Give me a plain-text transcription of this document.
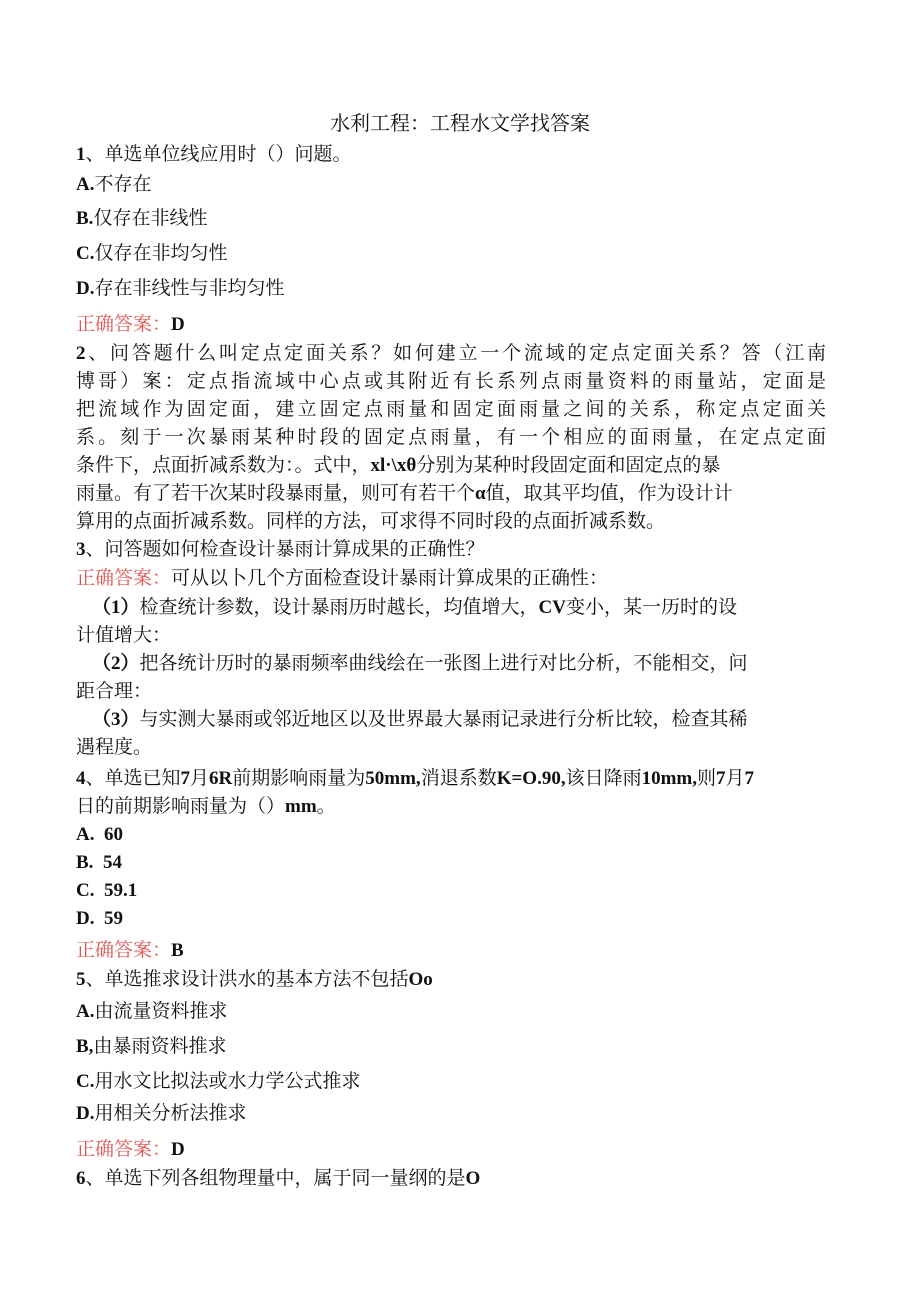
水利工程：工程水文学找答案
1、单选单位线应用时（）问题。
A.不存在
B.仅存在非线性
C.仅存在非均匀性
D.存在非线性与非均匀性
正确答案：D
2、问答题什么叫定点定面关系？如何建立一个流域的定点定面关系？答（江南
博哥）案：定点指流域中心点或其附近有长系列点雨量资料的雨量站，定面是
把流域作为固定面，建立固定点雨量和固定面雨量之间的关系，称定点定面关
系。刻于一次暴雨某种时段的固定点雨量，有一个相应的面雨量，在定点定面
条件下，点面折减系数为：。式中，xl·\xθ分别为某种时段固定面和固定点的暴
雨量。有了若干次某时段暴雨量，则可有若干个α值，取其平均值，作为设计计
算用的点面折减系数。同样的方法，可求得不同时段的点面折减系数。
3、问答题如何检查设计暴雨计算成果的正确性？
正确答案：可从以卜几个方面检查设计暴雨计算成果的正确性：
（1）检查统计参数，设计暴雨历时越长，均值增大，CV变小，某一历时的设
计值增大：
（2）把各统计历时的暴雨频率曲线绘在一张图上进行对比分析，不能相交，问
距合理：
（3）与实测大暴雨或邻近地区以及世界最大暴雨记录进行分析比较，检查其稀
遇程度。
4、单选已知7月6R前期影响雨量为50mm,消退系数K=O.90,该日降雨10mm,则7月7
日的前期影响雨量为（）mm。
A. 60
B. 54
C. 59.1
D. 59
正确答案：B
5、单选推求设计洪水的基本方法不包括Oo
A.由流量资料推求
B,由暴雨资料推求
C.用水文比拟法或水力学公式推求
D.用相关分析法推求
正确答案：D
6、单选下列各组物理量中，属于同一量纲的是O
